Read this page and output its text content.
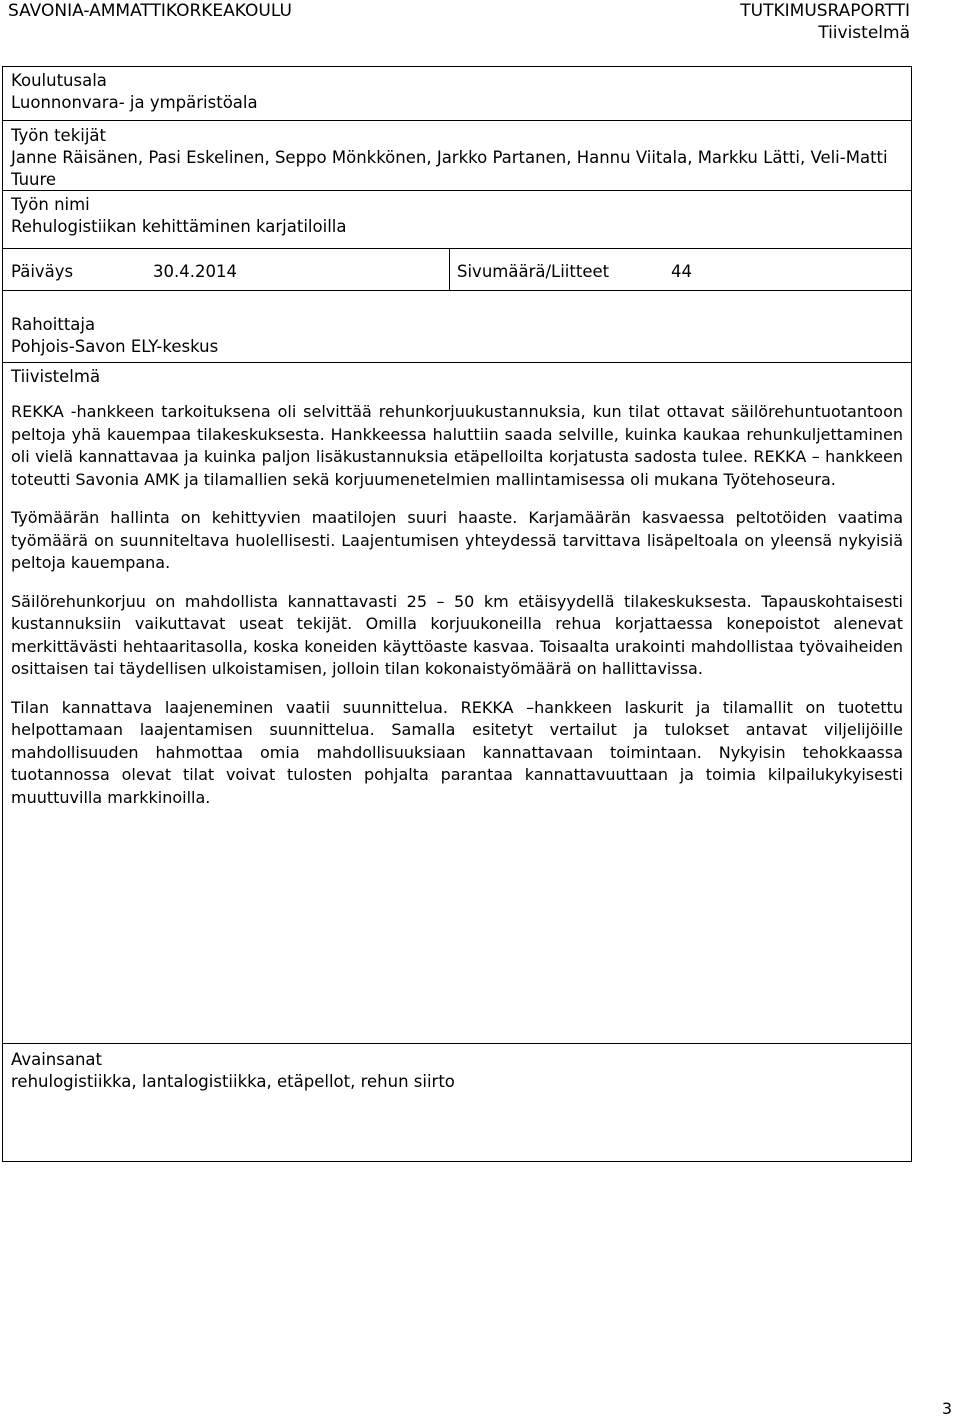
SAVONIA-AMMATTIKORKEAKOULU	TUTKIMUSRAPORTTI
Tiivistelmä
Koulutusala
Luonnonvara- ja ympäristöala
Työn tekijät
Janne Räisänen, Pasi Eskelinen, Seppo Mönkkönen, Jarkko Partanen, Hannu Viitala, Markku Lätti, Veli-Matti Tuure
Työn nimi
Rehulogistiikan kehittäminen karjatiloilla
Päiväys	30.4.2014	Sivumäärä/Liitteet	44
Rahoittaja
Pohjois-Savon ELY-keskus
Tiivistelmä

REKKA -hankkeen tarkoituksena oli selvittää rehunkorjuukustannuksia, kun tilat ottavat säilörehuntuotantoon peltoja yhä kauempaa tilakeskuksesta. Hankkeessa haluttiin saada selville, kuinka kaukaa rehunkuljettaminen oli vielä kannattavaa ja kuinka paljon lisäkustannuksia etäpelloilta korjatusta sadosta tulee. REKKA – hankkeen toteutti Savonia AMK ja tilamallien sekä korjuumenetelmien mallintamisessa oli mukana Työtehoseura.

Työmäärän hallinta on kehittyvien maatilojen suuri haaste. Karjamäärän kasvaessa peltotöiden vaatima työmäärä on suunniteltava huolellisesti. Laajentumisen yhteydessä tarvittava lisäpeltoala on yleensä nykyisiä peltoja kauempana.

Säilörehunkorjuu on mahdollista kannattavasti 25 – 50 km etäisyydellä tilakeskuksesta. Tapauskohtaisesti kustannuksiin vaikuttavat useat tekijät. Omilla korjuukoneilla rehua korjattaessa konepoistot alenevat merkittävästi hehtaaritasolla, koska koneiden käyttöaste kasvaa. Toisaalta urakointi mahdollistaa työvaiheiden osittaisen tai täydellisen ulkoistamisen, jolloin tilan kokonaistyömäärä on hallittavissa.

Tilan kannattava laajeneminen vaatii suunnittelua. REKKA –hankkeen laskurit ja tilamallit on tuotettu helpottamaan laajentamisen suunnittelua. Samalla esitetyt vertailut ja tulokset antavat viljelijöille mahdollisuuden hahmottaa omia mahdollisuuksiaan kannattavaan toimintaan. Nykyisin tehokkaassa tuotannossa olevat tilat voivat tulosten pohjalta parantaa kannattavuuttaan ja toimia kilpailukykyisesti muuttuvilla markkinoilla.

Avainsanat
rehulogistiikka, lantalogistiikka, etäpellot, rehun siirto
3
